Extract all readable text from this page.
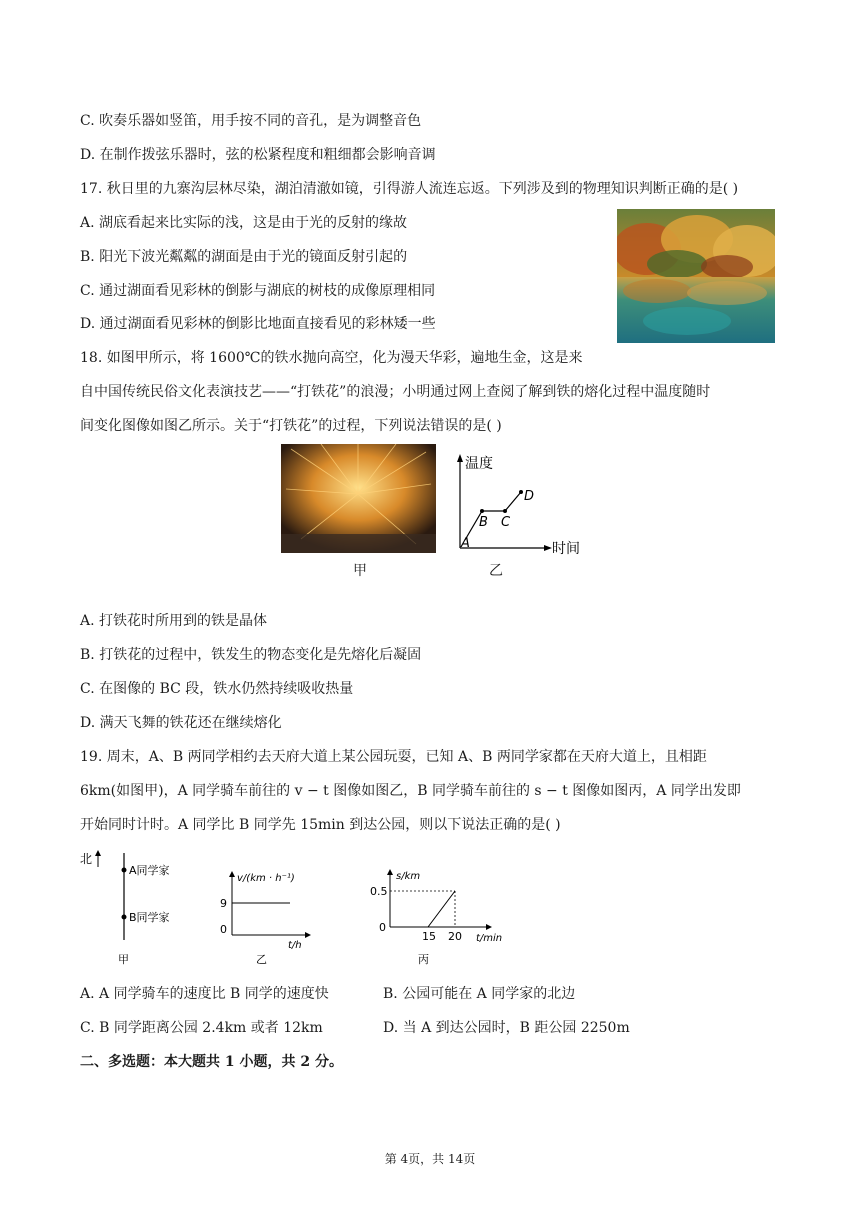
C. 吹奏乐器如竖笛，用手按不同的音孔，是为调整音色
D. 在制作拨弦乐器时，弦的松紧程度和粗细都会影响音调
17. 秋日里的九寨沟层林尽染，湖泊清澈如镜，引得游人流连忘返。下列涉及到的物理知识判断正确的是( )
A. 湖底看起来比实际的浅，这是由于光的反射的缘故
B. 阳光下波光粼粼的湖面是由于光的镜面反射引起的
C. 通过湖面看见彩林的倒影与湖底的树枝的成像原理相同
D. 通过湖面看见彩林的倒影比地面直接看见的彩林矮一些
18. 如图甲所示，将 1600℃的铁水抛向高空，化为漫天华彩，遍地生金，这是来
自中国传统民俗文化表演技艺——“打铁花”的浪漫；小明通过网上查阅了解到铁的熔化过程中温度随时
间变化图像如图乙所示。关于“打铁花”的过程，下列说法错误的是( )
甲
温度
时间
A
B C
D
乙
A. 打铁花时所用到的铁是晶体
B. 打铁花的过程中，铁发生的物态变化是先熔化后凝固
C. 在图像的 BC 段，铁水仍然持续吸收热量
D. 满天飞舞的铁花还在继续熔化
19. 周末，A、B 两同学相约去天府大道上某公园玩耍，已知 A、B 两同学家都在天府大道上，且相距
6km(如图甲)，A 同学骑车前往的 v − t 图像如图乙，B 同学骑车前往的 s − t 图像如图丙，A 同学出发即
开始同时计时。A 同学比 B 同学先 15min 到达公园，则以下说法正确的是( )
北
A同学家
B同学家
甲
v/(km · h⁻¹)
t/h
9
0
乙
s/km
t/min
0.5
0
15 20
丙
A. A 同学骑车的速度比 B 同学的速度快	B. 公园可能在 A 同学家的北边
C. B 同学距离公园 2.4km 或者 12km	D. 当 A 到达公园时，B 距公园 2250m
二、多选题：本大题共 1 小题，共 2 分。
第 4页，共 14页
